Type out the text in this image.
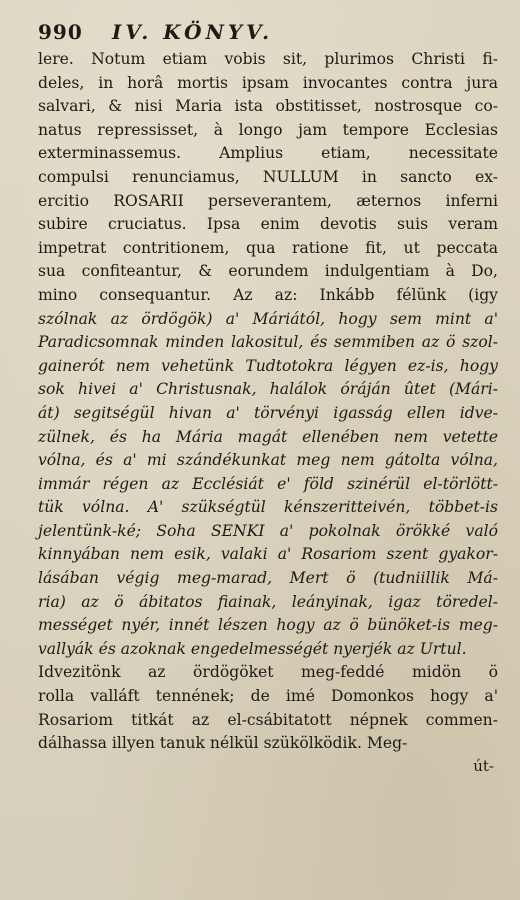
990	IV. KÖNYV.
lere. Notum etiam vobis sit, plurimos Christi fi-
deles, in horâ mortis ipsam invocantes contra jura
salvari, & nisi Maria ista obstitisset, nostrosque co-
natus repressisset, à longo jam tempore Ecclesias
exterminassemus. Amplius etiam, necessitate
compulsi renunciamus, NULLUM in sancto ex-
ercitio ROSARII perseverantem, æternos inferni
subire cruciatus. Ipsa enim devotis suis veram
impetrat contritionem, qua ratione fit, ut peccata
sua confiteantur, & eorundem indulgentiam à Do,
mino consequantur. Az az: Inkább félünk (igy
szólnak az ördögök) a' Máriától, hogy sem mint a'
Paradicsomnak minden lakositul, és semmiben az ö szol-
gainerót nem vehetünk Tudtotokra légyen ez-is, hogy
sok hivei a' Christusnak, halálok óráján ûtet (Mári-
át) segitségül hivan a' törvényi igasság ellen idve-
zülnek, és ha Mária magát ellenében nem vetette
vólna, és a' mi szándékunkat meg nem gátolta vólna,
immár régen az Ecclésiát e' föld szinérül el-törlött-
tük vólna. A' szükségtül kénszeritteivén, többet-is
jelentünk-ké; Soha SENKI a' pokolnak örökké való
kinnyában nem esik, valaki a' Rosariom szent gyakor-
lásában végig meg-marad, Mert ö (tudniillik Má-
ria) az ö ábitatos fiainak, leányinak, igaz töredel-
mességet nyér, innét lészen hogy az ö bünöket-is meg-
vallyák és azoknak engedelmességét nyerjék az Urtul.
Idvezitönk az ördögöket meg-feddé midön ö
rolla valláft tennének; de imé Domonkos hogy a'
Rosariom titkát az el-csábitatott népnek commen-
dálhassa illyen tanuk nélkül szükölködik. Meg-
út-
